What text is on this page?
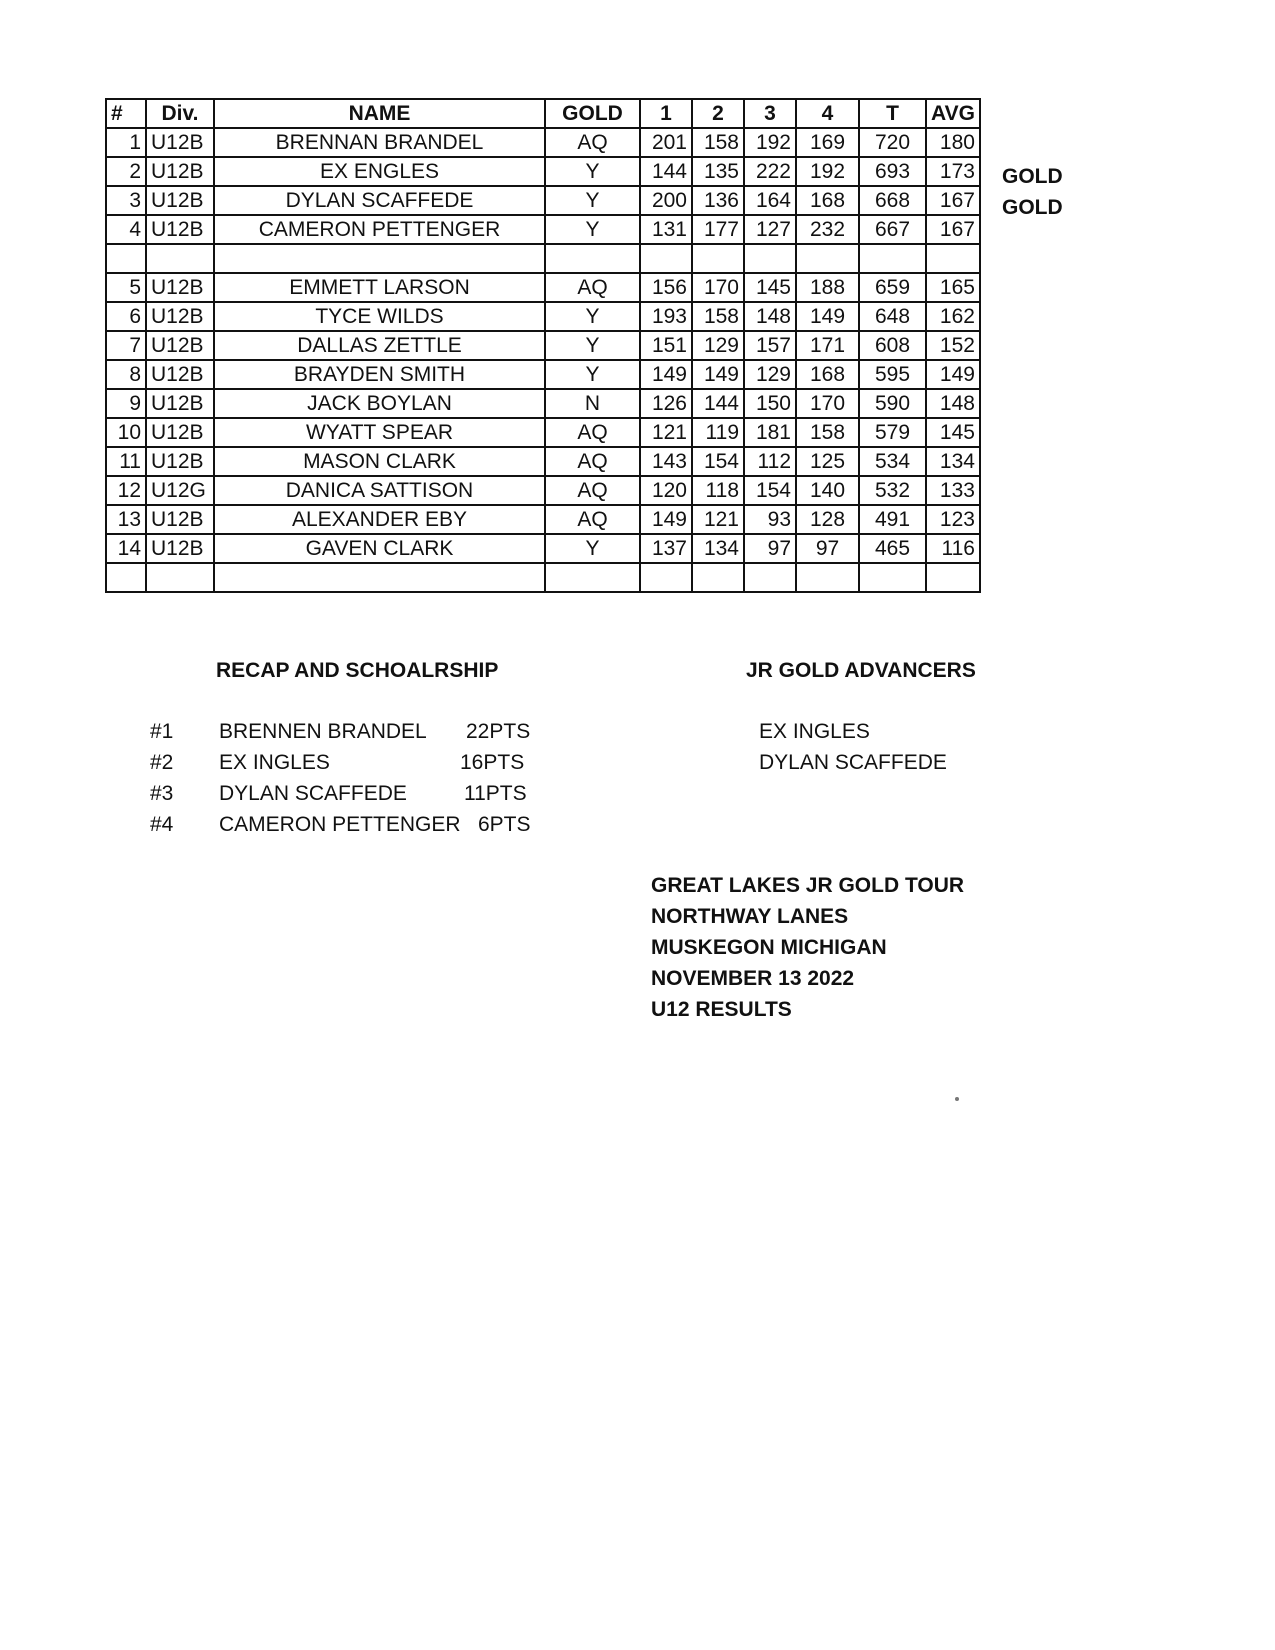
#	Div.	NAME	GOLD	1	2	3	4	T	AVG
1	U12B	BRENNAN BRANDEL	AQ	201	158	192	169	720	180
2	U12B	EX ENGLES	Y	144	135	222	192	693	173
3	U12B	DYLAN SCAFFEDE	Y	200	136	164	168	668	167
4	U12B	CAMERON PETTENGER	Y	131	177	127	232	667	167

5	U12B	EMMETT LARSON	AQ	156	170	145	188	659	165
6	U12B	TYCE WILDS	Y	193	158	148	149	648	162
7	U12B	DALLAS ZETTLE	Y	151	129	157	171	608	152
8	U12B	BRAYDEN SMITH	Y	149	149	129	168	595	149
9	U12B	JACK BOYLAN	N	126	144	150	170	590	148
10	U12B	WYATT SPEAR	AQ	121	119	181	158	579	145
11	U12B	MASON CLARK	AQ	143	154	112	125	534	134
12	U12G	DANICA SATTISON	AQ	120	118	154	140	532	133
13	U12B	ALEXANDER EBY	AQ	149	121	93	128	491	123
14	U12B	GAVEN CLARK	Y	137	134	97	97	465	116

GOLD
GOLD
RECAP AND SCHOALRSHIP	JR GOLD ADVANCERS
#1 BRENNEN BRANDEL 22PTS
#2 EX INGLES	16PTS
#3 DYLAN SCAFFEDE	11PTS
#4 CAMERON PETTENGER 6PTS
EX INGLES
DYLAN SCAFFEDE
GREAT LAKES JR GOLD TOUR
NORTHWAY LANES
MUSKEGON MICHIGAN
NOVEMBER 13 2022
U12 RESULTS
